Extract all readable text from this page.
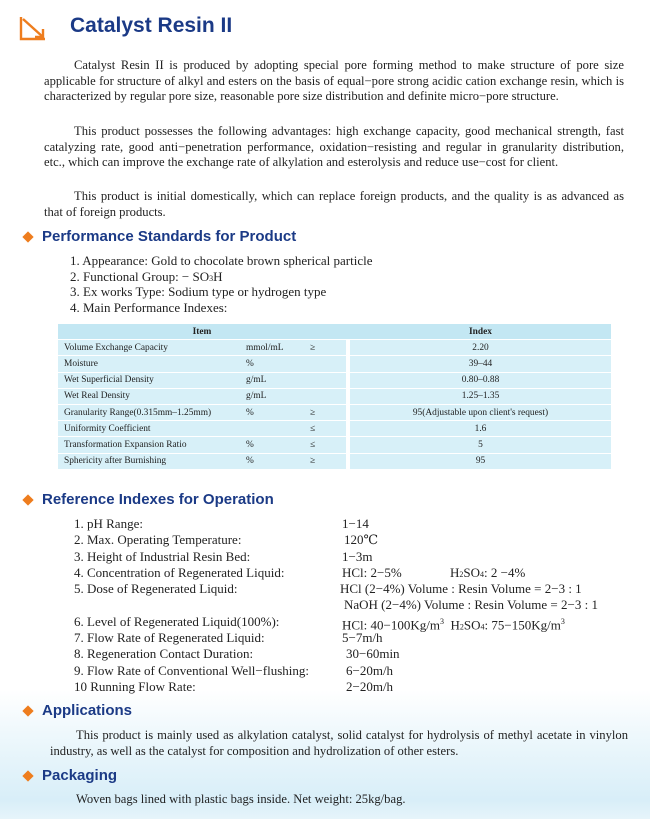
Catalyst Resin II
Catalyst Resin II is produced by adopting special pore forming method to make structure of pore size applicable for structure of alkyl and esters on the basis of equal−pore strong acidic cation exchange resin, which is characterized by regular pore size, reasonable pore size distribution and definite micro−pore structure.
This product possesses the following advantages: high exchange capacity, good mechanical strength, fast catalyzing rate, good anti−penetration performance, oxidation−resisting and regular in granularity distribution, etc., which can improve the exchange rate of alkylation and esterolysis and reduce use−cost for client.
This product is initial domestically, which can replace foreign products, and the quality is as advanced as that of foreign products.
Performance Standards for Product
1. Appearance: Gold to chocolate brown spherical particle
2. Functional Group: − SO3H
3. Ex works Type: Sodium type or hydrogen type
4. Main Performance Indexes:
Item				Index
Volume Exchange Capacity	mmol/mL	≥		2.20
Moisture	%			39–44
Wet Superficial Density	g/mL			0.80–0.88
Wet Real Density	g/mL			1.25–1.35
Granularity Range(0.315mm–1.25mm)	%	≥		95(Adjustable upon client's request)
Uniformity Coefficient		≤		1.6
Transformation Expansion Ratio	%	≤		5
Sphericity after Burnishing	%	≥		95
Reference Indexes for Operation
1. pH Range:	1−14
2. Max. Operating Temperature:	120℃
3. Height of Industrial Resin Bed:	1−3m
4. Concentration of Regenerated Liquid:	HCl: 2−5%	H2SO4: 2 −4%
5. Dose of Regenerated Liquid:	HCl (2−4%) Volume : Resin Volume = 2−3 : 1
NaOH (2−4%) Volume : Resin Volume = 2−3 : 1
6. Level of Regenerated Liquid(100%):	HCl: $40-100Kg/m^3$ H2SO4: $75-150Kg/m^3$
7. Flow Rate of Regenerated Liquid:	5−7m/h
8. Regeneration Contact Duration:	30−60min
9. Flow Rate of Conventional Well−flushing:	6−20m/h
10 Running Flow Rate:	2−20m/h
Applications
This product is mainly used as alkylation catalyst, solid catalyst for hydrolysis of methyl acetate in vinylon industry, as well as the catalyst for composition and hydrolization of other esters.
Packaging
Woven bags lined with plastic bags inside. Net weight: 25kg/bag.
